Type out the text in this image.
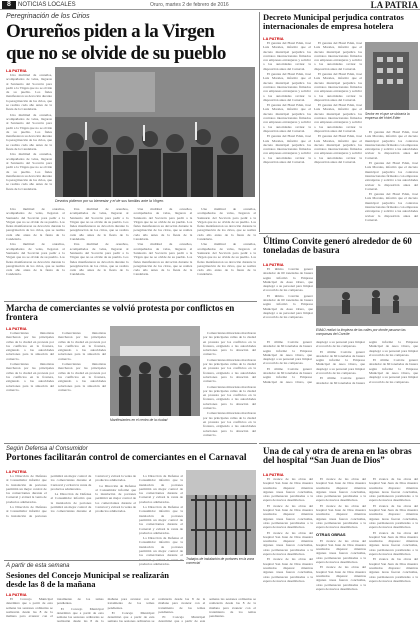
8	NOTICIAS LOCALES	Oruro, martes 2 de febrero de 2016	LA PATRIA
Peregrinación de los Cirios
Orureños piden a la Virgen
que no se olvide de su pueblo
LA PATRIA

Una multitud de orureños, acompañados de velas, llegaron al Santuario del Socavón para pedir a la Virgen que no se olvide de su pueblo. Los fieles manifestaron su devoción durante la peregrinación de los cirios, que se realiza cada año antes de la fiesta de la Candelaria.

Una multitud de orureños, acompañados de velas, llegaron al Santuario del Socavón para pedir a la Virgen que no se olvide de su pueblo. Los fieles manifestaron su devoción durante la peregrinación de los cirios, que se realiza cada año antes de la fiesta de la Candelaria.

Una multitud de orureños, acompañados de velas, llegaron al Santuario del Socavón para pedir a la Virgen que no se olvide de su pueblo. Los fieles manifestaron su devoción durante la peregrinación de los cirios, que se realiza cada año antes de la fiesta de la Candelaria.

Devotos pidieron por su bienestar y el de sus familias ante la Virgen.

Una multitud de orureños, acompañados de velas, llegaron al Santuario del Socavón para pedir a la Virgen que no se olvide de su pueblo. Los fieles manifestaron su devoción durante la peregrinación de los cirios, que se realiza cada año antes de la fiesta de la Candelaria.

Una multitud de orureños, acompañados de velas, llegaron al Santuario del Socavón para pedir a la Virgen que no se olvide de su pueblo. Los fieles manifestaron su devoción durante la peregrinación de los cirios, que se realiza cada año antes de la fiesta de la Candelaria.

Una multitud de orureños, acompañados de velas, llegaron al Santuario del Socavón para pedir a la Virgen que no se olvide de su pueblo. Los fieles manifestaron su devoción durante la peregrinación de los cirios, que se realiza cada año antes de la fiesta de la Candelaria.

Una multitud de orureños, acompañados de velas, llegaron al Santuario del Socavón para pedir a la Virgen que no se olvide de su pueblo. Los fieles manifestaron su devoción durante la peregrinación de los cirios, que se realiza cada año antes de la fiesta de la Candelaria.

Una multitud de orureños, acompañados de velas, llegaron al Santuario del Socavón para pedir a la Virgen que no se olvide de su pueblo. Los fieles manifestaron su devoción durante la peregrinación de los cirios, que se realiza cada año antes de la fiesta de la Candelaria.

Una multitud de orureños, acompañados de velas, llegaron al Santuario del Socavón para pedir a la Virgen que no se olvide de su pueblo. Los fieles manifestaron su devoción durante la peregrinación de los cirios, que se realiza cada año antes de la fiesta de la Candelaria.

Una multitud de orureños, acompañados de velas, llegaron al Santuario del Socavón para pedir a la Virgen que no se olvide de su pueblo. Los fieles manifestaron su devoción durante la peregrinación de los cirios, que se realiza cada año antes de la fiesta de la Candelaria.

Una multitud de orureños, acompañados de velas, llegaron al Santuario del Socavón para pedir a la Virgen que no se olvide de su pueblo. Los fieles manifestaron su devoción durante la peregrinación de los cirios, que se realiza cada año antes de la fiesta de la Candelaria.

Decreto Municipal perjudica contratos internacionales de empresa hotelera
LA PATRIA

El gerente del Hotel Edén, José Luis Morales, informó que el decreto municipal perjudica los contratos internacionales firmados con empresas extranjeras y solicitó a las autoridades revisar la disposición antes del Carnaval.

El gerente del Hotel Edén, José Luis Morales, informó que el decreto municipal perjudica los contratos internacionales firmados con empresas extranjeras y solicitó a las autoridades revisar la disposición antes del Carnaval.

El gerente del Hotel Edén, José Luis Morales, informó que el decreto municipal perjudica los contratos internacionales firmados con empresas extranjeras y solicitó a las autoridades revisar la disposición antes del Carnaval.

El gerente del Hotel Edén, José Luis Morales, informó que el decreto municipal perjudica los contratos internacionales firmados con empresas extranjeras y solicitó a las autoridades revisar la disposición antes del Carnaval.

El gerente del Hotel Edén, José Luis Morales, informó que el decreto municipal perjudica los contratos internacionales firmados con empresas extranjeras y solicitó a las autoridades revisar la disposición antes del Carnaval.

El gerente del Hotel Edén, José Luis Morales, informó que el decreto municipal perjudica los contratos internacionales firmados con empresas extranjeras y solicitó a las autoridades revisar la disposición antes del Carnaval.

El gerente del Hotel Edén, José Luis Morales, informó que el decreto municipal perjudica los contratos internacionales firmados con empresas extranjeras y solicitó a las autoridades revisar la disposición antes del Carnaval.

El gerente del Hotel Edén, José Luis Morales, informó que el decreto municipal perjudica los contratos internacionales firmados con empresas extranjeras y solicitó a las autoridades revisar la disposición antes del Carnaval.

Sector en el que se ubicaría la empresa del Hotel Edén

El gerente del Hotel Edén, José Luis Morales, informó que el decreto municipal perjudica los contratos internacionales firmados con empresas extranjeras y solicitó a las autoridades revisar la disposición antes del Carnaval.

El gerente del Hotel Edén, José Luis Morales, informó que el decreto municipal perjudica los contratos internacionales firmados con empresas extranjeras y solicitó a las autoridades revisar la disposición antes del Carnaval.

El gerente del Hotel Edén, José Luis Morales, informó que el decreto municipal perjudica los contratos internacionales firmados con empresas extranjeras y solicitó a las autoridades revisar la disposición antes del Carnaval.

Último Convite generó alrededor de 60 toneladas de basura
LA PATRIA

El último Convite generó alrededor de 60 toneladas de basura según informó la Empresa Municipal de Aseo Oruro, que desplegó a su personal para limpiar el recorrido de las comparsas.

El último Convite generó alrededor de 60 toneladas de basura según informó la Empresa Municipal de Aseo Oruro, que desplegó a su personal para limpiar el recorrido de las comparsas.

EMAO realizó la limpieza de las calles por donde pasaron las comparsas del Convite

El último Convite generó alrededor de 60 toneladas de basura según informó la Empresa Municipal de Aseo Oruro, que desplegó a su personal para limpiar el recorrido de las comparsas.

El último Convite generó alrededor de 60 toneladas de basura según informó la Empresa Municipal de Aseo Oruro, que desplegó a su personal para limpiar el recorrido de las comparsas.

El último Convite generó alrededor de 60 toneladas de basura según informó la Empresa Municipal de Aseo Oruro, que desplegó a su personal para limpiar el recorrido de las comparsas.

El último Convite generó alrededor de 60 toneladas de basura según informó la Empresa Municipal de Aseo Oruro, que desplegó a su personal para limpiar el recorrido de las comparsas.

El último Convite generó alrededor de 60 toneladas de basura según informó la Empresa Municipal de Aseo Oruro, que desplegó a su personal para limpiar el recorrido de las comparsas.

Marcha de comerciantes se volvió protesta por conflictos en frontera
LA PATRIA

Comerciantes minoristas marcharon por las principales calles de la ciudad en protesta por los conflictos en la frontera, exigiendo a las autoridades soluciones para la situación del comercio.

Comerciantes minoristas marcharon por las principales calles de la ciudad en protesta por los conflictos en la frontera, exigiendo a las autoridades soluciones para la situación del comercio.

Comerciantes minoristas marcharon por las principales calles de la ciudad en protesta por los conflictos en la frontera, exigiendo a las autoridades soluciones para la situación del comercio.

Comerciantes minoristas marcharon por las principales calles de la ciudad en protesta por los conflictos en la frontera, exigiendo a las autoridades soluciones para la situación del comercio.

Manifestantes en el centro de la ciudad

Comerciantes minoristas marcharon por las principales calles de la ciudad en protesta por los conflictos en la frontera, exigiendo a las autoridades soluciones para la situación del comercio.

Comerciantes minoristas marcharon por las principales calles de la ciudad en protesta por los conflictos en la frontera, exigiendo a las autoridades soluciones para la situación del comercio.

Comerciantes minoristas marcharon por las principales calles de la ciudad en protesta por los conflictos en la frontera, exigiendo a las autoridades soluciones para la situación del comercio.

Comerciantes minoristas marcharon por las principales calles de la ciudad en protesta por los conflictos en la frontera, exigiendo a las autoridades soluciones para la situación del comercio.

Según Defensa al Consumidor
Portones facilitarán control de comerciantes en el Carnaval
LA PATRIA

La Dirección de Defensa al Consumidor informó que la instalación de portones permitirá un mejor control de los comerciantes durante el Carnaval y evitará la venta de productos adulterados.

La Dirección de Defensa al Consumidor informó que la instalación de portones permitirá un mejor control de los comerciantes durante el Carnaval y evitará la venta de productos adulterados.

La Dirección de Defensa al Consumidor informó que la instalación de portones permitirá un mejor control de los comerciantes durante el Carnaval y evitará la venta de productos adulterados.

La Dirección de Defensa al Consumidor informó que la instalación de portones permitirá un mejor control de los comerciantes durante el Carnaval y evitará la venta de productos adulterados.

Trabajos de instalación de portones en la zona comercial

La Dirección de Defensa al Consumidor informó que la instalación de portones permitirá un mejor control de los comerciantes durante el Carnaval y evitará la venta de productos adulterados.

La Dirección de Defensa al Consumidor informó que la instalación de portones permitirá un mejor control de los comerciantes durante el Carnaval y evitará la venta de productos adulterados.

La Dirección de Defensa al Consumidor informó que la instalación de portones permitirá un mejor control de los comerciantes durante el productos adulterados.

A partir de esta semana
Sesiones del Concejo Municipal se realizarán desde las 8 de la mañana
LA PATRIA

El Concejo Municipal determinó que a partir de esta semana las sesiones ordinarias se realizarán desde las 8 de la mañana para avanzar con el tratamiento de los temas pendientes.

El Concejo Municipal determinó que a partir de esta semana las sesiones ordinarias se realizarán desde las 8 de la mañana para avanzar con el tratamiento de los temas pendientes.

El Concejo Municipal determinó que a partir de esta semana las sesiones ordinarias se realizarán desde las 8 de la mañana para avanzar con el tratamiento de los temas pendientes.

El Concejo Municipal determinó que a partir de esta semana las sesiones ordinarias se realizarán desde las 8 de la mañana para avanzar con el tratamiento de los temas pendientes.

Una de cal y otra de arena en las obras del hospital “San Juan de Dios”
LA PATRIA

El avance de las obras del hospital San Juan de Dios muestra resultados dispares: mientras algunas áreas fueron concluidas, otras permanecen paralizadas a la espera de nuevos desembolsos.

El avance de las obras del hospital San Juan de Dios muestra resultados dispares: mientras algunas áreas fueron concluidas, otras permanecen paralizadas a la espera de nuevos desembolsos.

El avance de las obras del hospital San Juan de Dios muestra resultados dispares: mientras algunas áreas fueron concluidas, otras permanecen paralizadas a la espera de nuevos desembolsos.

El avance de las obras del hospital San Juan de Dios muestra resultados dispares: mientras algunas áreas fueron concluidas, otras permanecen paralizadas a la espera de nuevos desembolsos.

El avance de las obras del hospital San Juan de Dios muestra resultados dispares: mientras algunas áreas fueron concluidas, otras permanecen paralizadas a la espera de nuevos desembolsos.

El avance de las obras del hospital San Juan de Dios muestra resultados dispares: mientras algunas áreas fueron concluidas, otras permanecen paralizadas a la espera de nuevos desembolsos.

OTRAS OBRAS

El avance de las obras del hospital San Juan de Dios muestra resultados dispares: mientras algunas áreas fueron concluidas, otras permanecen paralizadas a la espera de nuevos desembolsos.

El avance de las obras del hospital San Juan de Dios muestra resultados dispares: mientras algunas áreas fueron concluidas, otras permanecen paralizadas a la espera de nuevos desembolsos.

El avance de las obras del hospital San Juan de Dios muestra resultados dispares: mientras algunas áreas fueron concluidas, otras permanecen paralizadas a la espera de nuevos desembolsos.

El avance de las obras del hospital San Juan de Dios muestra resultados dispares: mientras algunas áreas fueron concluidas, otras permanecen paralizadas a la espera de nuevos desembolsos.

El avance de las obras del hospital San Juan de Dios muestra resultados dispares: mientras algunas áreas fueron concluidas, otras permanecen paralizadas a la espera de nuevos desembolsos.

El avance de las obras del hospital San Juan de Dios muestra resultados dispares: mientras algunas áreas fueron concluidas, otras permanecen paralizadas a la espera de nuevos desembolsos.
